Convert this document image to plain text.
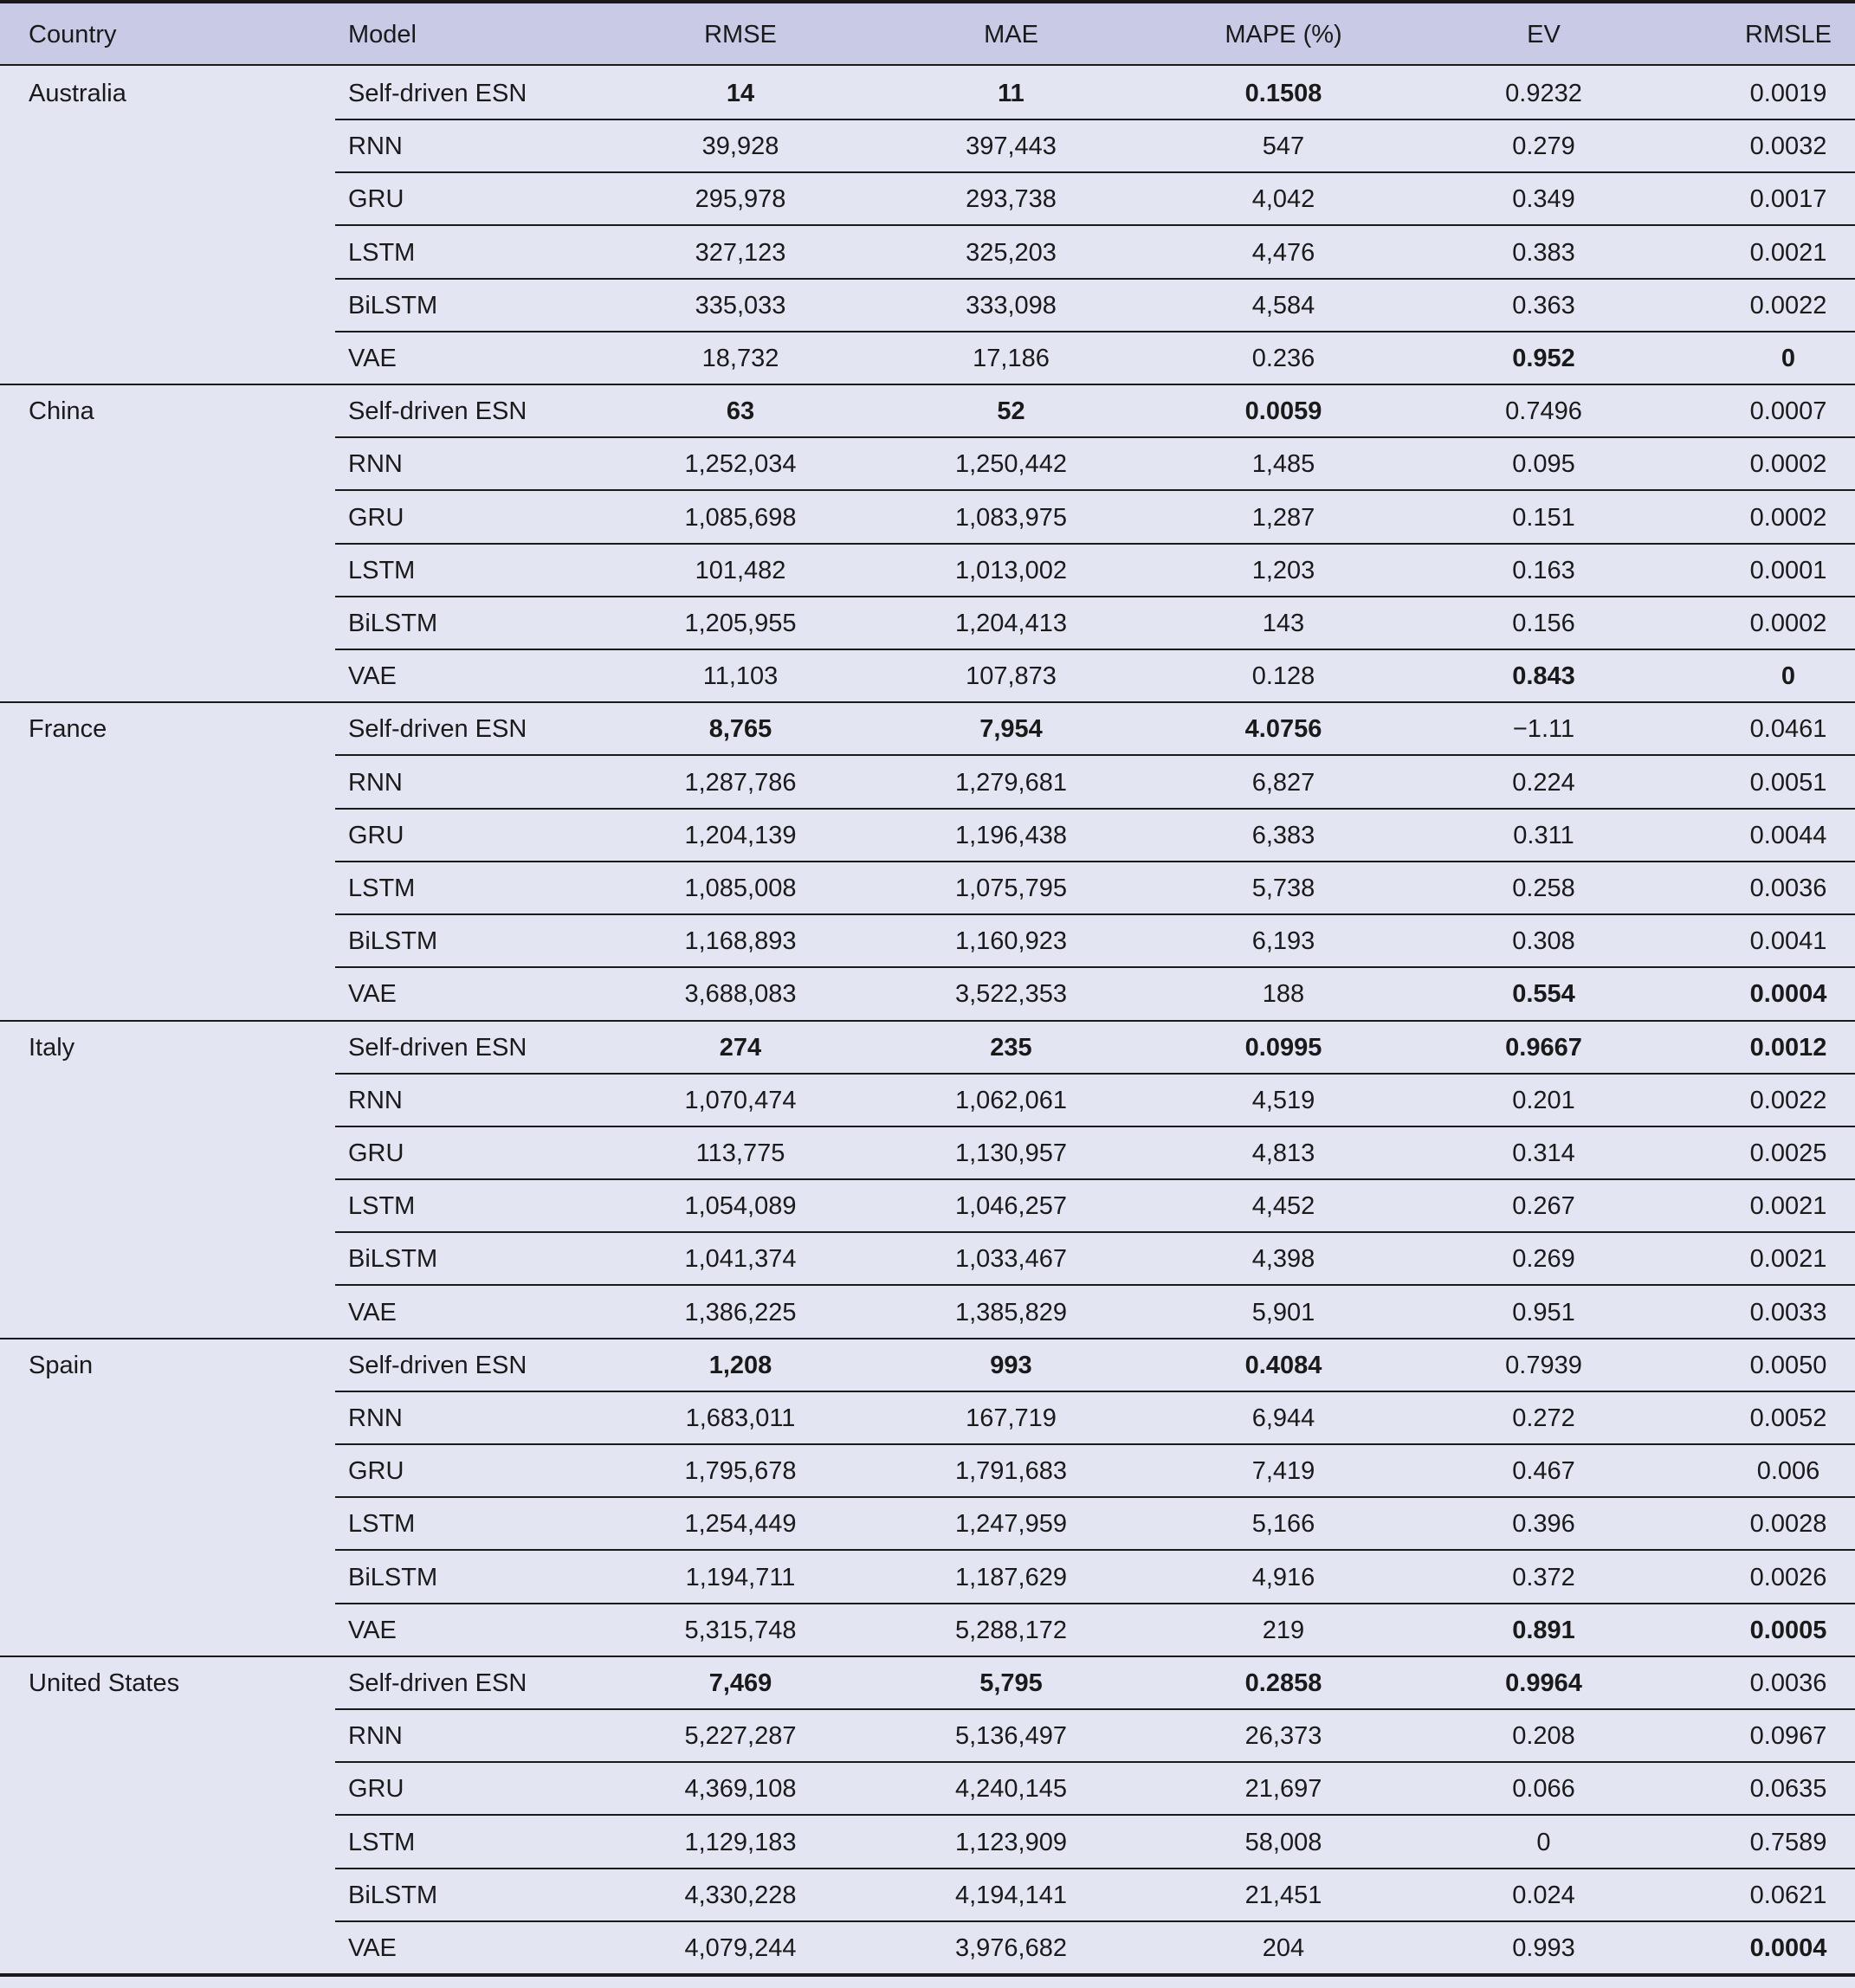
Country	Model	RMSE	MAE	MAPE (%)	EV	RMSLE
Australia	Self-driven ESN	14	11	0.1508	0.9232	0.0019
RNN	39,928	397,443	547	0.279	0.0032
GRU	295,978	293,738	4,042	0.349	0.0017
LSTM	327,123	325,203	4,476	0.383	0.0021
BiLSTM	335,033	333,098	4,584	0.363	0.0022
VAE	18,732	17,186	0.236	0.952	0
China	Self-driven ESN	63	52	0.0059	0.7496	0.0007
RNN	1,252,034	1,250,442	1,485	0.095	0.0002
GRU	1,085,698	1,083,975	1,287	0.151	0.0002
LSTM	101,482	1,013,002	1,203	0.163	0.0001
BiLSTM	1,205,955	1,204,413	143	0.156	0.0002
VAE	11,103	107,873	0.128	0.843	0
France	Self-driven ESN	8,765	7,954	4.0756	−1.11	0.0461
RNN	1,287,786	1,279,681	6,827	0.224	0.0051
GRU	1,204,139	1,196,438	6,383	0.311	0.0044
LSTM	1,085,008	1,075,795	5,738	0.258	0.0036
BiLSTM	1,168,893	1,160,923	6,193	0.308	0.0041
VAE	3,688,083	3,522,353	188	0.554	0.0004
Italy	Self-driven ESN	274	235	0.0995	0.9667	0.0012
RNN	1,070,474	1,062,061	4,519	0.201	0.0022
GRU	113,775	1,130,957	4,813	0.314	0.0025
LSTM	1,054,089	1,046,257	4,452	0.267	0.0021
BiLSTM	1,041,374	1,033,467	4,398	0.269	0.0021
VAE	1,386,225	1,385,829	5,901	0.951	0.0033
Spain	Self-driven ESN	1,208	993	0.4084	0.7939	0.0050
RNN	1,683,011	167,719	6,944	0.272	0.0052
GRU	1,795,678	1,791,683	7,419	0.467	0.006
LSTM	1,254,449	1,247,959	5,166	0.396	0.0028
BiLSTM	1,194,711	1,187,629	4,916	0.372	0.0026
VAE	5,315,748	5,288,172	219	0.891	0.0005
United States	Self-driven ESN	7,469	5,795	0.2858	0.9964	0.0036
RNN	5,227,287	5,136,497	26,373	0.208	0.0967
GRU	4,369,108	4,240,145	21,697	0.066	0.0635
LSTM	1,129,183	1,123,909	58,008	0	0.7589
BiLSTM	4,330,228	4,194,141	21,451	0.024	0.0621
VAE	4,079,244	3,976,682	204	0.993	0.0004
